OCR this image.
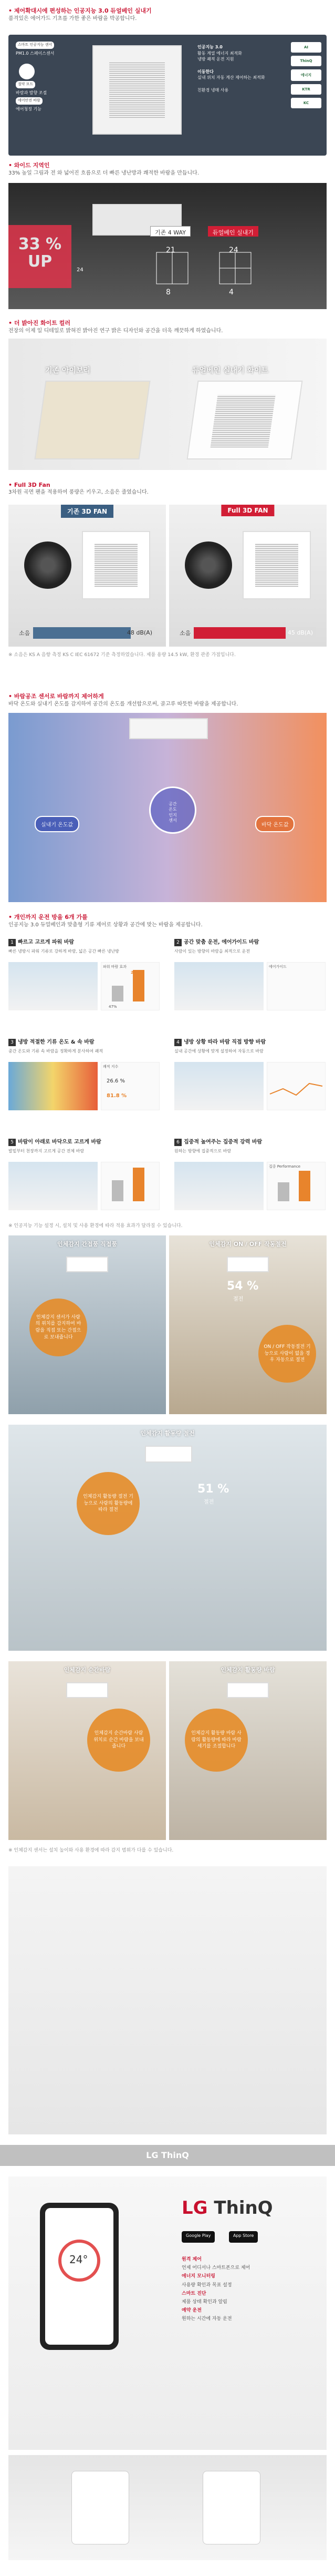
• 제어확대시에 편성하는 인공지능 3.0 듀얼베인 실내기
품격있은 에어가드 기초를 가한 좋은 바람을 박공합니다.
스마트 인공지능 센서
PM1.0 스페이스센서
절약 모드
바람과 발향 조절
에어안전 바람
에어청정 기능
인공지능 3.0
활동 계열 에너지 최적화
냉방 쾌적 운전 지원
이동한다
실내 위치 자동 계산 제어하는 최적화
친환경 냉매 사용
AI
ThinQ
에너지
KTR
KC
• 와이드 지역인
33% 높일 그림과 전 와 넓어진 흐름으로 더 빠른 냉난방과 쾌적한 바람을 만듭니다.
33 %
UP
기존 4 WAY	듀얼베인 실내기
21	24
8	4
24
• 더 밝아진 화이트 컬러
전장의 이제 일 디테일로 밝혀진 밝아진 연구 밝은 디자인와 공간을 더욱 깨끗하게 하였습니다.
기존 아이보리	듀얼베인 실내기 화이트
• Full 3D Fan
3차원 곡면 팬을 적용하여 풍량은 키우고, 소음은 줄였습니다.
기존 3D FAN
소음	48 dB(A)
Full 3D FAN
소음	45 dB(A)
※ 소음은 KS A 음향 측정 KS C IEC 61672 기준 측정하였습니다. 제품 용량 14.5 kW, 환경 관종 가점입니다.
• 바람공조 센서로 바람까지 제어하게
바닥 온도와 실내기 온도를 감지하여 공간의 온도를 개선합으로써, 골고루 따뜻한 바람을 제공합니다.
실내기 온도값	바닥 온도값
공간
온도
인지
센서
• 개인까지 운전 방을 6개 가를
인공지능 3.0 듀얼베인과 맞춤형 기류 제어로 상황과 공간에 맞는 바람을 제공합니다.
1 빠르고 고르게 파워 바람
빠른 냉방시 파워 기류로 강하게 바람, 넓은 공간 빠른 냉난방
파워 바람 효과
2.5배
47%
2 공간 맞춤 운전, 에어가이드 바람
사람이 있는 방향의 바람을 최적으로 운전
에어가이드
3 냉방 적절한 기류 온도 & 속 바람
중간 온도와 기류 속 바람을 정확하게 분사하여 쾌적
쾌적 지수
26.6 %
81.8 %
4 냉방 상황 따라 바람 직접 방향 바람
실내 공간에 상황에 맞게 설정하여 자동으로 바람
5 바람이 아래로 바닥으로 고르게 바람
발밑부터 천장까지 고르게 공간 전체 바람
6 집중적 높여주는 집중적 강력 바람
원하는 방향에 집중적으로 바람
집중 Performance
※ 인공지능 기능 설정 시, 설치 및 사용 환경에 따라 적용 효과가 달라질 수 있습니다.
인체감지 간접풍 직접풍
인체감지 센서가 사람의 위치를 감지하여 바람을 직접 또는 간접으로 보내줍니다
인체감지 ON / OFF 작동절전
54 %
절전
ON / OFF 작동절전 기능으로 사람이 없을 경우 자동으로 절전
인체감지 활동량 절전
인체감지 활동량 절전 기능으로 사람의 활동량에 따라 절전
51 %
절전
인체감지 순간바람
인체감지 순간바람 사람 위치로 순간 바람을 보내줍니다
인체감지 활동량 바람
인체감지 활동량 바람 사람의 활동량에 따라 바람 세기를 조절합니다
※ 인체감지 센서는 설치 높이와 사용 환경에 따라 감지 범위가 다를 수 있습니다.
LG ThinQ
24°
LG ThinQ
Google Play	App Store
원격 제어
언제 어디서나 스마트폰으로 제어
에너지 모니터링
사용량 확인과 목표 설정
스마트 진단
제품 상태 확인과 알림
예약 운전
원하는 시간에 자동 운전
